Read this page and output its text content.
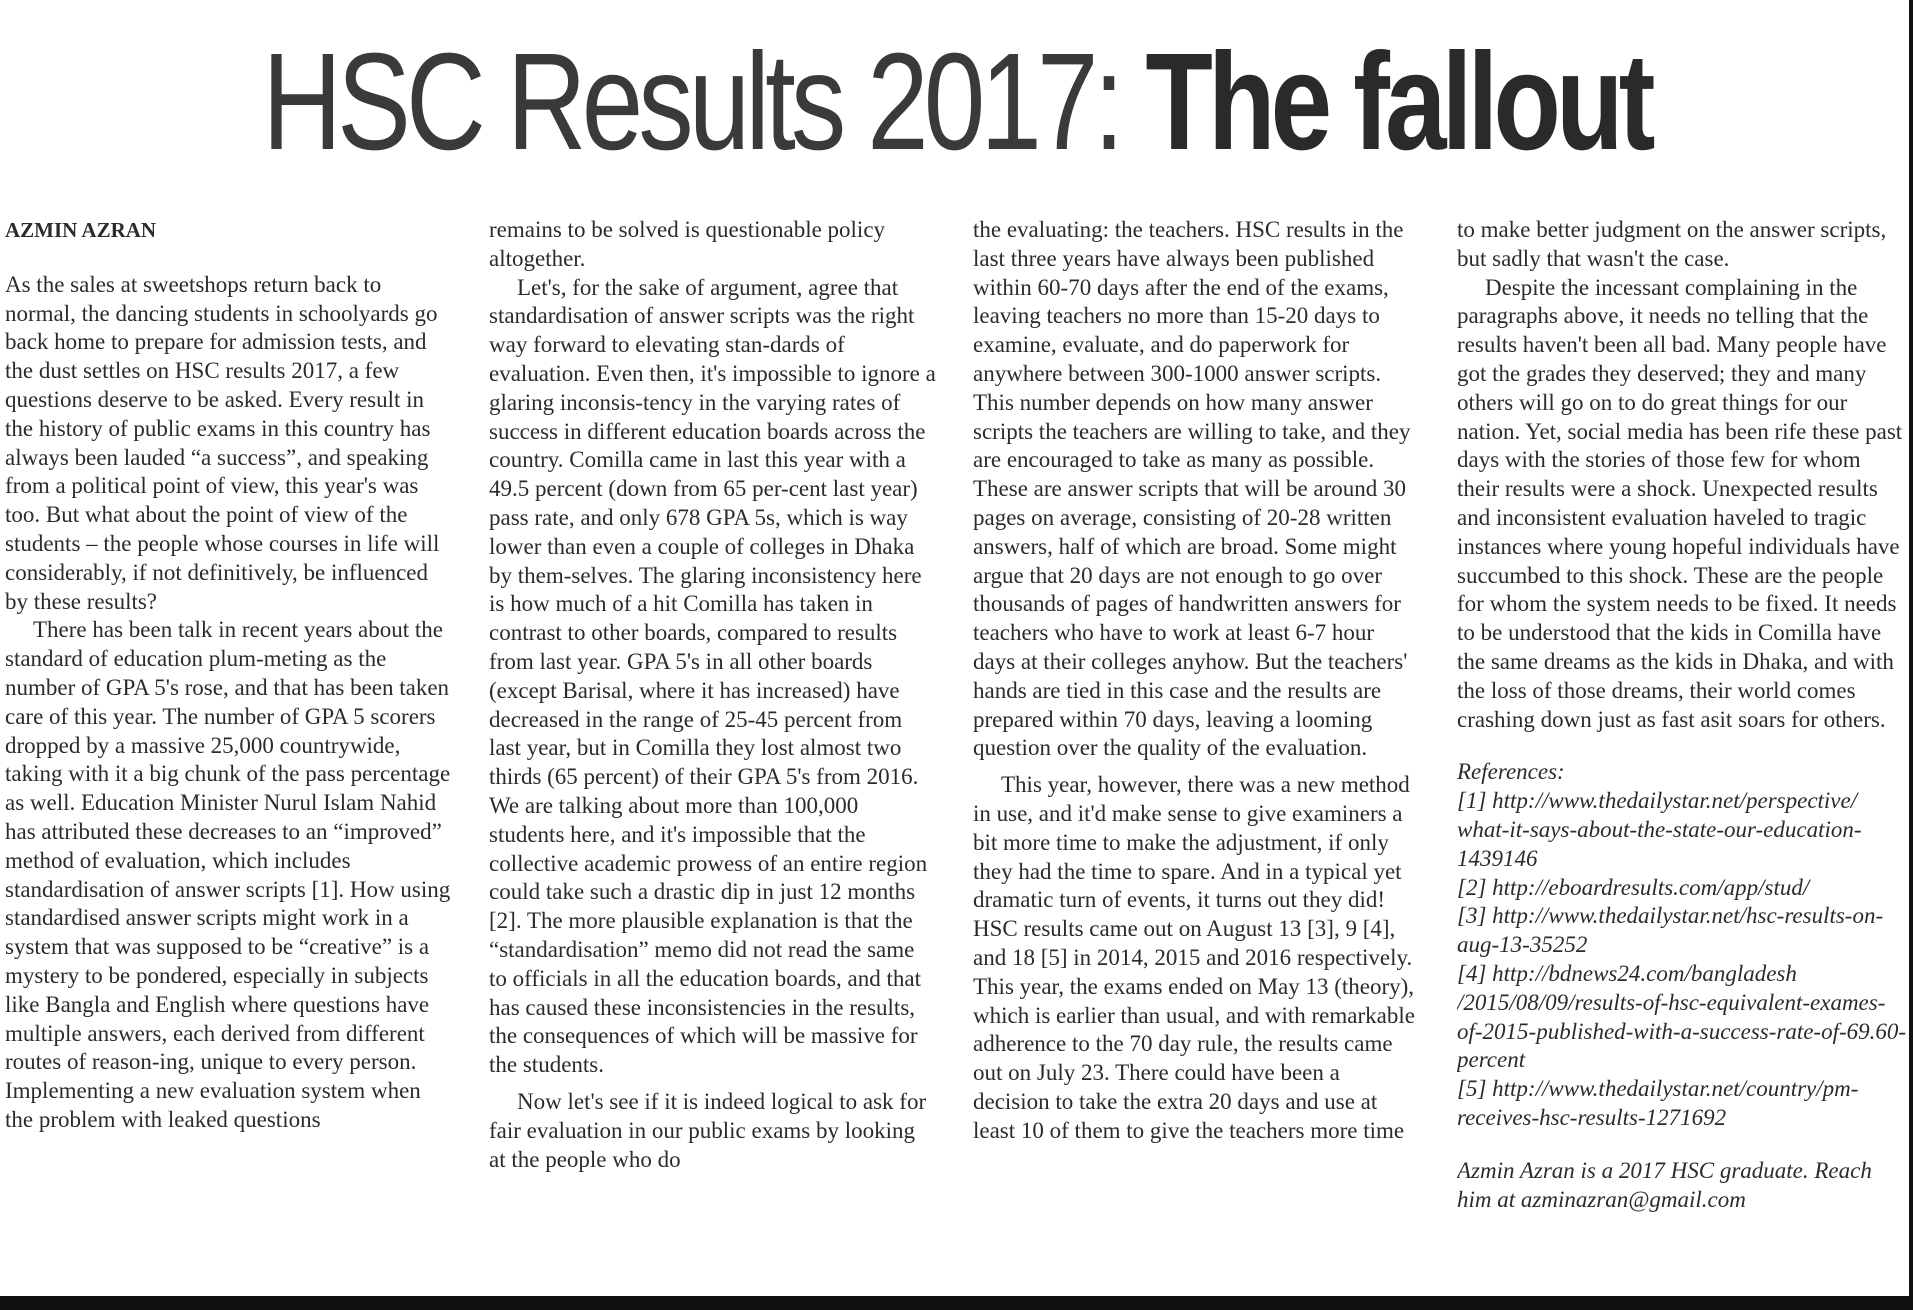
HSC Results 2017: The fallout
AZMIN AZRAN

As the sales at sweetshops return back to normal, the dancing students in schoolyards go back home to prepare for admission tests, and the dust settles on HSC results 2017, a few questions deserve to be asked. Every result in the history of public exams in this country has always been lauded “a success”, and speaking from a political point of view, this year's was too. But what about the point of view of the students – the people whose courses in life will considerably, if not definitively, be influenced by these results?

There has been talk in recent years about the standard of education plum-meting as the number of GPA 5's rose, and that has been taken care of this year. The number of GPA 5 scorers dropped by a massive 25,000 countrywide, taking with it a big chunk of the pass percentage as well. Education Minister Nurul Islam Nahid has attributed these decreases to an “improved” method of evaluation, which includes standardisation of answer scripts [1]. How using standardised answer scripts might work in a system that was supposed to be “creative” is a mystery to be pondered, especially in subjects like Bangla and English where questions have multiple answers, each derived from different routes of reason-ing, unique to every person. Implementing a new evaluation system when the problem with leaked questions

remains to be solved is questionable policy altogether.

Let's, for the sake of argument, agree that standardisation of answer scripts was the right way forward to elevating stan-dards of evaluation. Even then, it's impossible to ignore a glaring inconsis-tency in the varying rates of success in different education boards across the country. Comilla came in last this year with a 49.5 percent (down from 65 per-cent last year) pass rate, and only 678 GPA 5s, which is way lower than even a couple of colleges in Dhaka by them-selves. The glaring inconsistency here is how much of a hit Comilla has taken in contrast to other boards, compared to results from last year. GPA 5's in all other boards (except Barisal, where it has increased) have decreased in the range of 25-45 percent from last year, but in Comilla they lost almost two thirds (65 percent) of their GPA 5's from 2016. We are talking about more than 100,000 students here, and it's impossible that the collective academic prowess of an entire region could take such a drastic dip in just 12 months [2]. The more plausible explanation is that the “standardisation” memo did not read the same to officials in all the education boards, and that has caused these inconsistencies in the results, the consequences of which will be massive for the students.

Now let's see if it is indeed logical to ask for fair evaluation in our public exams by looking at the people who do

the evaluating: the teachers. HSC results in the last three years have always been published within 60-70 days after the end of the exams, leaving teachers no more than 15-20 days to examine, evaluate, and do paperwork for anywhere between 300-1000 answer scripts. This number depends on how many answer scripts the teachers are willing to take, and they are encouraged to take as many as possible. These are answer scripts that will be around 30 pages on average, consisting of 20-28 written answers, half of which are broad. Some might argue that 20 days are not enough to go over thousands of pages of handwritten answers for teachers who have to work at least 6-7 hour days at their colleges anyhow. But the teachers' hands are tied in this case and the results are prepared within 70 days, leaving a looming question over the quality of the evaluation.

This year, however, there was a new method in use, and it'd make sense to give examiners a bit more time to make the adjustment, if only they had the time to spare. And in a typical yet dramatic turn of events, it turns out they did! HSC results came out on August 13 [3], 9 [4], and 18 [5] in 2014, 2015 and 2016 respectively. This year, the exams ended on May 13 (theory), which is earlier than usual, and with remarkable adherence to the 70 day rule, the results came out on July 23. There could have been a decision to take the extra 20 days and use at least 10 of them to give the teachers more time

to make better judgment on the answer scripts, but sadly that wasn't the case.

Despite the incessant complaining in the paragraphs above, it needs no telling that the results haven't been all bad. Many people have got the grades they deserved; they and many others will go on to do great things for our nation. Yet, social media has been rife these past days with the stories of those few for whom their results were a shock. Unexpected results and inconsistent evaluation haveled to tragic instances where young hopeful individuals have succumbed to this shock. These are the people for whom the system needs to be fixed. It needs to be understood that the kids in Comilla have the same dreams as the kids in Dhaka, and with the loss of those dreams, their world comes crashing down just as fast asit soars for others.

References:

[1] http://www.thedailystar.net/perspective/ what-it-says-about-the-state-our-education-1439146

[2] http://eboardresults.com/app/stud/

[3] http://www.thedailystar.net/hsc-results-on-aug-13-35252

[4] http://bdnews24.com/bangladesh /2015/08/09/results-of-hsc-equivalent-exames-of-2015-published-with-a-success-rate-of-69.60-percent

[5] http://www.thedailystar.net/country/pm-receives-hsc-results-1271692

Azmin Azran is a 2017 HSC graduate. Reach him at azminazran@gmail.com
